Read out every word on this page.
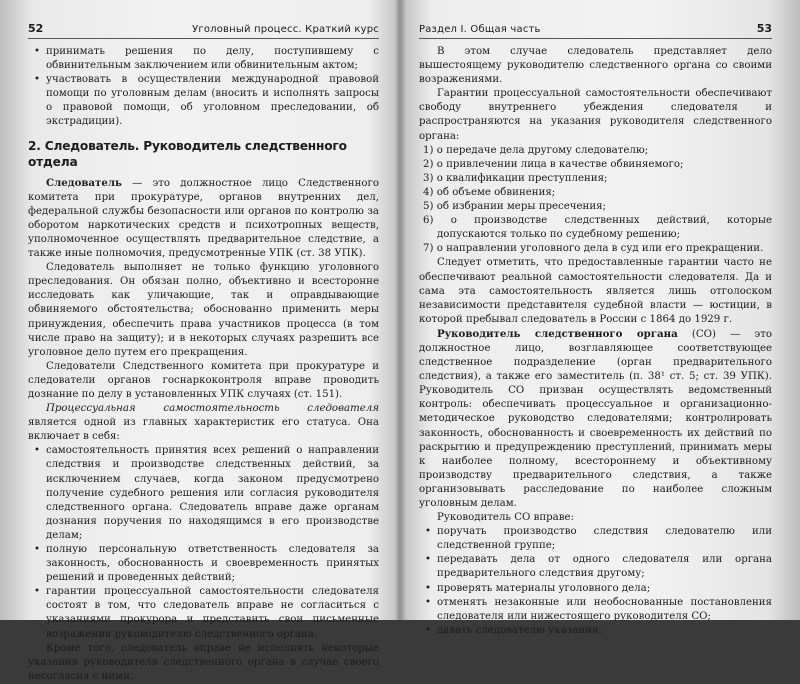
52	Уголовный процесс. Краткий курс
• принимать решения по делу, поступившему с обвинительным заключением или обвинительным актом;
• участвовать в осуществлении международной правовой помощи по уголовным делам (вносить и исполнять запросы о правовой помощи, об уголовном преследовании, об экстрадиции).
2. Следователь. Руководитель следственного отдела

Следователь — это должностное лицо Следственного комитета при прокуратуре, органов внутренних дел, федеральной службы безопасности или органов по контролю за оборотом наркотических средств и психотропных веществ, уполномоченное осуществлять предварительное следствие, а также иные полномочия, предусмотренные УПК (ст. 38 УПК).

Следователь выполняет не только функцию уголовного преследования. Он обязан полно, объективно и всесторонне исследовать как уличающие, так и оправдывающие обвиняемого обстоятельства; обоснованно применить меры принуждения, обеспечить права участников процесса (в том числе право на защиту); и в некоторых случаях разрешить все уголовное дело путем его прекращения.

Следователи Следственного комитета при прокуратуре и следователи органов госнаркоконтроля вправе проводить дознание по делу в установленных УПК случаях (ст. 151).

Процессуальная самостоятельность следователя является одной из главных характеристик его статуса. Она включает в себя:

• самостоятельность принятия всех решений о направлении следствия и производстве следственных действий, за исключением случаев, когда законом предусмотрено получение судебного решения или согласия руководителя следственного органа. Следователь вправе даже органам дознания поручения по находящимся в его производстве делам;
• полную персональную ответственность следователя за законность, обоснованность и своевременность принятых решений и проведенных действий;
• гарантии процессуальной самостоятельности следователя состоят в том, что следователь вправе не согласиться с указаниями прокурора и представить свои письменные возражения руководителю следственного органа.

Кроме того, следователь вправе не исполнять некоторые указания руководителя следственного органа в случае своего несогласия с ними.

Раздел I. Общая часть	53

В этом случае следователь представляет дело вышестоящему руководителю следственного органа со своими возражениями.

Гарантии процессуальной самостоятельности обеспечивают свободу внутреннего убеждения следователя и распространяются на указания руководителя следственного органа:

1) о передаче дела другому следователю;
2) о привлечении лица в качестве обвиняемого;
3) о квалификации преступления;
4) об объеме обвинения;
5) об избрании меры пресечения;
6) о производстве следственных действий, которые допускаются только по судебному решению;
7) о направлении уголовного дела в суд или его прекращении.

Следует отметить, что предоставленные гарантии часто не обеспечивают реальной самостоятельности следователя. Да и сама эта самостоятельность является лишь отголоском независимости представителя судебной власти — юстиции, в которой пребывал следователь в России с 1864 до 1929 г.

Руководитель следственного органа (СО) — это должностное лицо, возглавляющее соответствующее следственное подразделение (орган предварительного следствия), а также его заместитель (п. 38¹ ст. 5; ст. 39 УПК). Руководитель СО призван осуществлять ведомственный контроль: обеспечивать процессуальное и организационно-методическое руководство следователями; контролировать законность, обоснованность и своевременность их действий по раскрытию и предупреждению преступлений, принимать меры к наиболее полному, всестороннему и объективному производству предварительного следствия, а также организовывать расследование по наиболее сложным уголовным делам.

Руководитель СО вправе:

• поручать производство следствия следователю или следственной группе;
• передавать дела от одного следователя или органа предварительного следствия другому;
• проверять материалы уголовного дела;
• отменять незаконные или необоснованные постановления следователя или нижестоящего руководителя СО;
• давать следователю указания;
